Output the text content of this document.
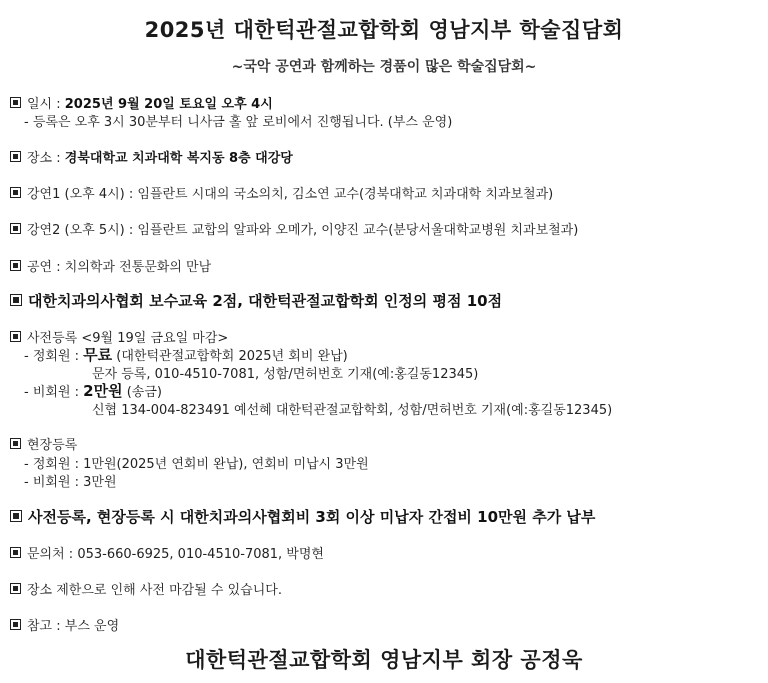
2025년 대한턱관절교합학회 영남지부 학술집담회
~국악 공연과 함께하는 경품이 많은 학술집담회~
일시 : 2025년 9월 20일 토요일 오후 4시
- 등록은 오후 3시 30분부터 니사금 홀 앞 로비에서 진행됩니다. (부스 운영)
장소 : 경북대학교 치과대학 복지동 8층 대강당
강연1 (오후 4시) : 임플란트 시대의 국소의치, 김소연 교수(경북대학교 치과대학 치과보철과)
강연2 (오후 5시) : 임플란트 교합의 알파와 오메가, 이양진 교수(분당서울대학교병원 치과보철과)
공연 : 치의학과 전통문화의 만남
대한치과의사협회 보수교육 2점, 대한턱관절교합학회 인정의 평점 10점
사전등록 <9월 19일 금요일 마감>
- 정회원 : 무료 (대한턱관절교합학회 2025년 회비 완납)
문자 등록, 010-4510-7081, 성함/면허번호 기재(예:홍길동12345)
- 비회원 : 2만원 (송금)
신협 134-004-823491 예선혜 대한턱관절교합학회, 성함/면허번호 기재(예:홍길동12345)
현장등록
- 정회원 : 1만원(2025년 연회비 완납), 연회비 미납시 3만원
- 비회원 : 3만원
사전등록, 현장등록 시 대한치과의사협회비 3회 이상 미납자 간접비 10만원 추가 납부
문의처 : 053-660-6925, 010-4510-7081, 박명현
장소 제한으로 인해 사전 마감될 수 있습니다.
참고 : 부스 운영
대한턱관절교합학회 영남지부 회장 공정욱
